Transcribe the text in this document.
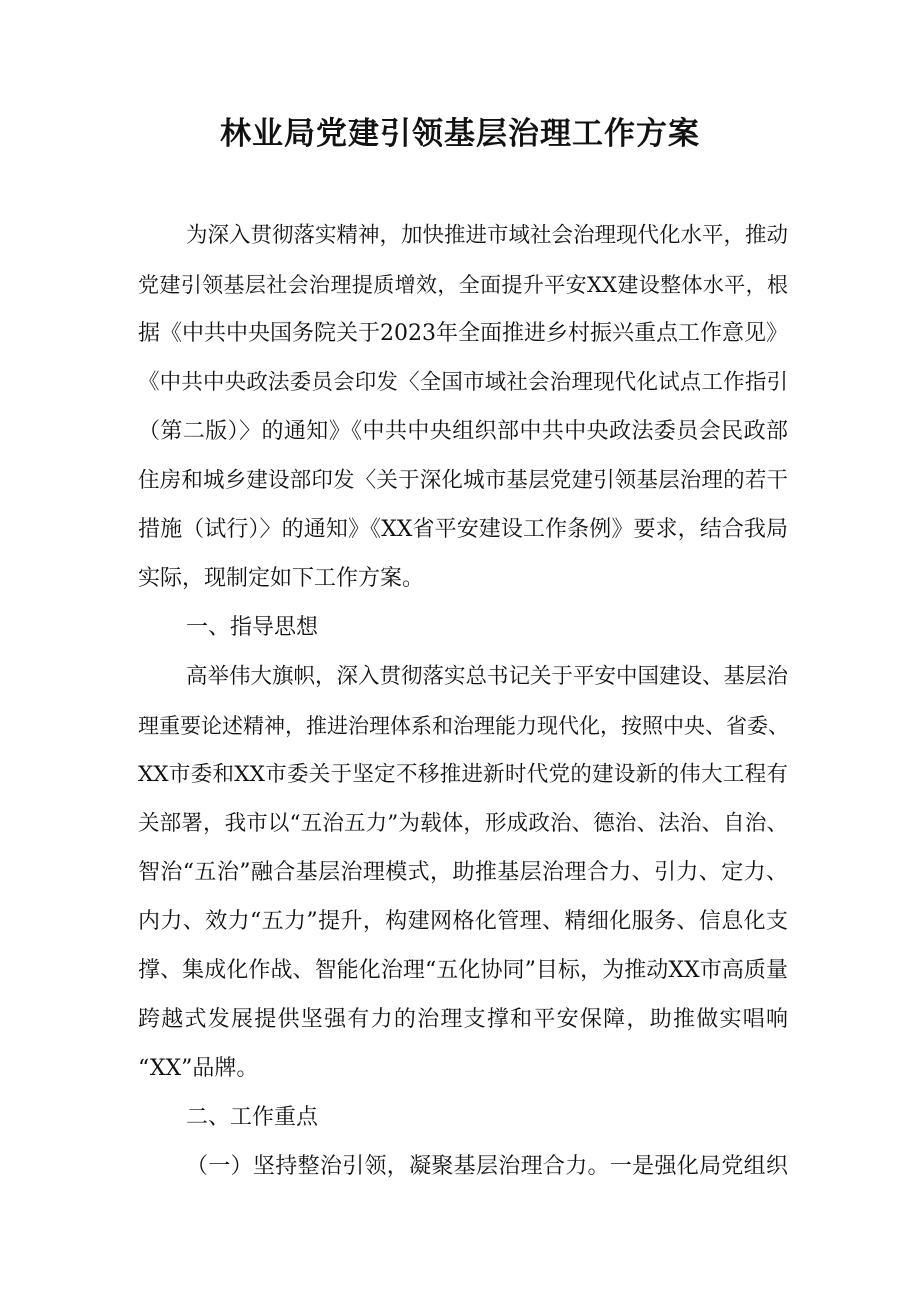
林业局党建引领基层治理工作方案
为深入贯彻落实精神，加快推进市域社会治理现代化水平，推动
党建引领基层社会治理提质增效，全面提升平安XX建设整体水平，根
据《中共中央国务院关于2023年全面推进乡村振兴重点工作意见》
《中共中央政法委员会印发〈全国市域社会治理现代化试点工作指引
（第二版）〉的通知》《中共中央组织部中共中央政法委员会民政部
住房和城乡建设部印发〈关于深化城市基层党建引领基层治理的若干
措施（试行）〉的通知》《XX省平安建设工作条例》要求，结合我局
实际，现制定如下工作方案。
一、指导思想
高举伟大旗帜，深入贯彻落实总书记关于平安中国建设、基层治
理重要论述精神，推进治理体系和治理能力现代化，按照中央、省委、
XX市委和XX市委关于坚定不移推进新时代党的建设新的伟大工程有
关部署，我市以“五治五力”为载体，形成政治、德治、法治、自治、
智治“五治”融合基层治理模式，助推基层治理合力、引力、定力、
内力、效力“五力”提升，构建网格化管理、精细化服务、信息化支
撑、集成化作战、智能化治理“五化协同”目标，为推动XX市高质量
跨越式发展提供坚强有力的治理支撑和平安保障，助推做实唱响
“XX”品牌。
二、工作重点
（一）坚持整治引领，凝聚基层治理合力。一是强化局党组织
